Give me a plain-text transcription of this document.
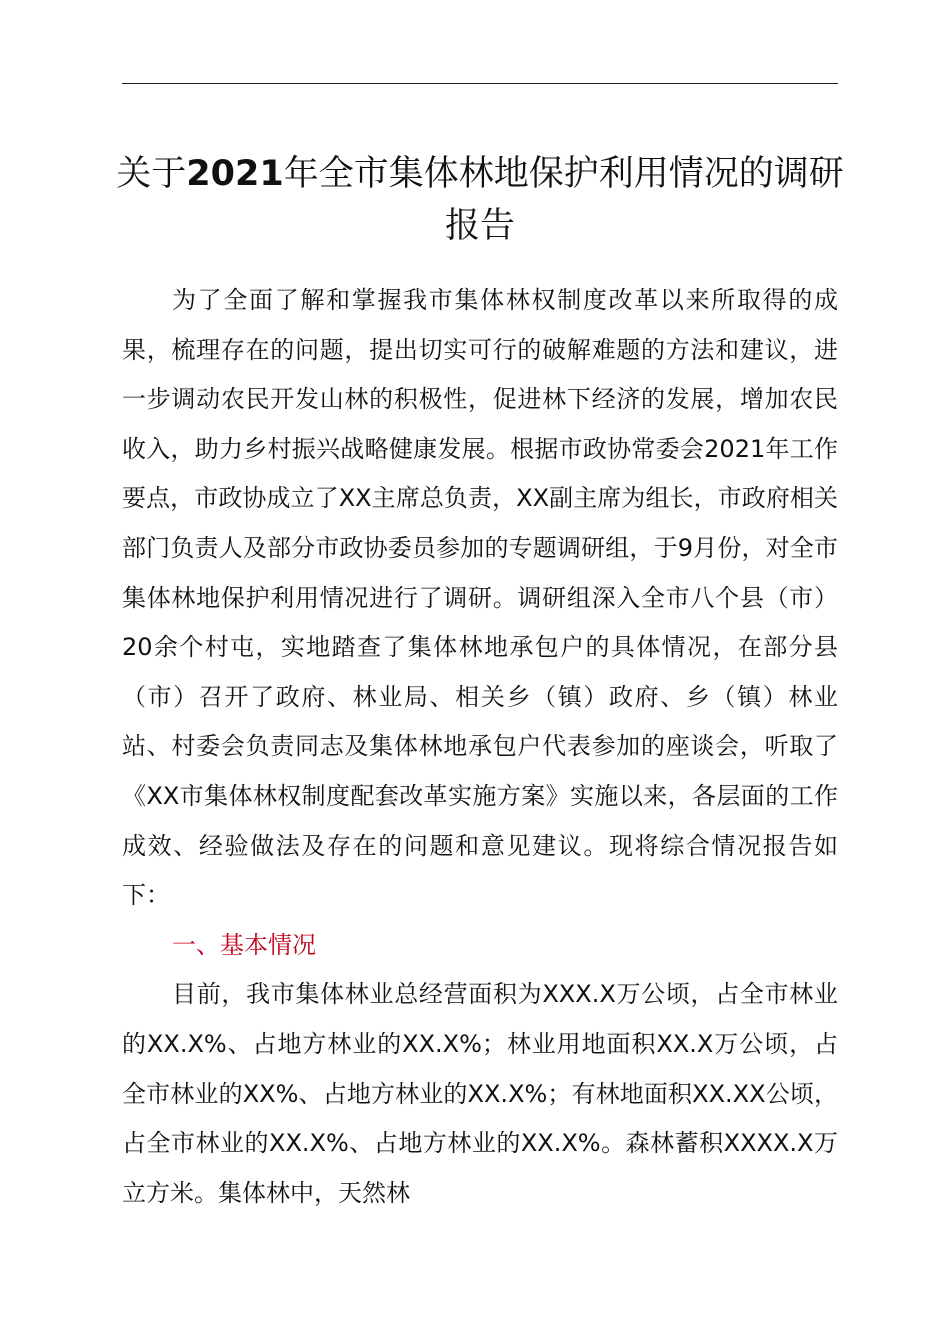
关于2021年全市集体林地保护利用情况的调研报告

为了全面了解和掌握我市集体林权制度改革以来所取得的成果，梳理存在的问题，提出切实可行的破解难题的方法和建议，进一步调动农民开发山林的积极性，促进林下经济的发展，增加农民收入，助力乡村振兴战略健康发展。根据市政协常委会2021年工作要点，市政协成立了XX主席总负责，XX副主席为组长，市政府相关部门负责人及部分市政协委员参加的专题调研组，于9月份，对全市集体林地保护利用情况进行了调研。调研组深入全市八个县（市）20余个村屯，实地踏查了集体林地承包户的具体情况，在部分县（市）召开了政府、林业局、相关乡（镇）政府、乡（镇）林业站、村委会负责同志及集体林地承包户代表参加的座谈会，听取了《XX市集体林权制度配套改革实施方案》实施以来，各层面的工作成效、经验做法及存在的问题和意见建议。现将综合情况报告如下：

一、基本情况

目前，我市集体林业总经营面积为XXX.X万公顷，占全市林业的XX.X%、占地方林业的XX.X%；林业用地面积XX.X万公顷，占全市林业的XX%、占地方林业的XX.X%；有林地面积XX.XX公顷，占全市林业的XX.X%、占地方林业的XX.X%。森林蓄积XXXX.X万立方米。集体林中，天然林
